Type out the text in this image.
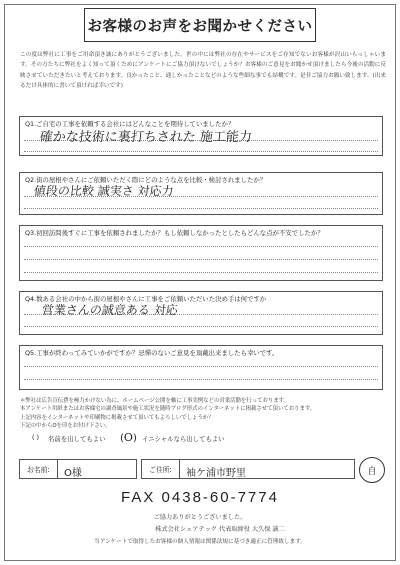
お客様のお声をお聞かせください
この度は弊社に工事をご用命頂き誠にありがとうございました。世の中には弊社の存在やサービスをご存知でないお客様が沢山いらっしゃいます。その方たちに弊社をよく知って頂くためにアンケートにご協力頂けないでしょうか？お客様のご意見をお聞かせ頂けましたら今後の活動に反映させていただきたいと考えております。良かったこと、通しかったことなどのような些細な事でも結構です。是非ご協力お願い致します。(出来るだけ具体的に書いて頂ければ幸いです)
Q1.ご自宅の工事を依頼する会社にはどんなことを期待していましたか？
確かな技術に裏打ちされた 施工能力
Q2.街の屋根やさんにご依頼いただく際にどのような点を比較・検討されましたか？
値段の比較 誠実さ 対応力
Q3.初回訪問後すぐに工事を依頼されましたか？もし依頼しなかったとしたらどんな点が不安でしたか？
Q4.数ある会社の中から街の屋根やさんに工事をご依頼いただいた決め手は何ですか
営業さんの誠意ある 対応
Q5.工事が終わってみていかがですか？忌憚のないご意見を頂戴出来ましたら幸いです。
＊弊社は広告宣伝費を極力かけない為に、ホームページ公開を軸に工事実例などの営業活動を行っております。
本アンケート用紙またはお客様宅の調査風景や施工状況を随時ブログ形式のインターネットに掲載させて頂いております。
上記内容をインターネットや印刷物に掲載させて頂いてもよろしいでしょうか？
下記の中からOを印をお付け下さい。
( ) 名前を出してもよい (O) イニシャルなら出してもよい
お名前:	O様	ご住所:	袖ケ浦市野里	自
FAX 0438-60-7774
ご協力ありがとうございました。
株式会社シェアテック 代表取締役 大久保 誠二
当アンケートで取得したお客様の個人情報は関係法規に基づき適正に管理致します。
